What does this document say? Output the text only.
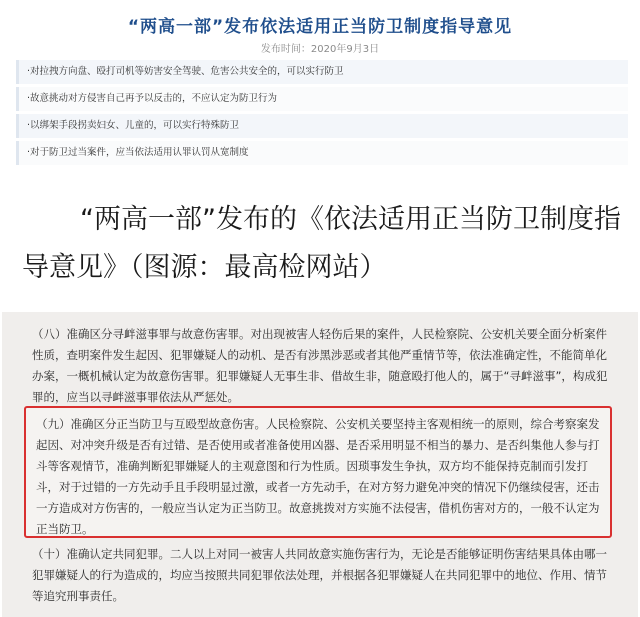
“两高一部”发布依法适用正当防卫制度指导意见
发布时间：2020年9月3日
·对拉拽方向盘、殴打司机等妨害安全驾驶、危害公共安全的，可以实行防卫
·故意挑动对方侵害自己再予以反击的，不应认定为防卫行为
·以绑架手段拐卖妇女、儿童的，可以实行特殊防卫
·对于防卫过当案件，应当依法适用认罪认罚从宽制度
“两高一部”发布的《依法适用正当防卫制度指导意见》（图源：最高检网站）
（八）准确区分寻衅滋事罪与故意伤害罪。对出现被害人轻伤后果的案件，人民检察院、公安机关要全面分析案件性质，查明案件发生起因、犯罪嫌疑人的动机、是否有涉黑涉恶或者其他严重情节等，依法准确定性，不能简单化办案，一概机械认定为故意伤害罪。犯罪嫌疑人无事生非、借故生非，随意殴打他人的，属于“寻衅滋事”，构成犯罪的，应当以寻衅滋事罪依法从严惩处。
（九）准确区分正当防卫与互殴型故意伤害。人民检察院、公安机关要坚持主客观相统一的原则，综合考察案发起因、对冲突升级是否有过错、是否使用或者准备使用凶器、是否采用明显不相当的暴力、是否纠集他人参与打斗等客观情节，准确判断犯罪嫌疑人的主观意图和行为性质。因琐事发生争执，双方均不能保持克制而引发打斗，对于过错的一方先动手且手段明显过激，或者一方先动手，在对方努力避免冲突的情况下仍继续侵害，还击一方造成对方伤害的，一般应当认定为正当防卫。故意挑拨对方实施不法侵害，借机伤害对方的，一般不认定为正当防卫。
（十）准确认定共同犯罪。二人以上对同一被害人共同故意实施伤害行为，无论是否能够证明伤害结果具体由哪一犯罪嫌疑人的行为造成的，均应当按照共同犯罪依法处理，并根据各犯罪嫌疑人在共同犯罪中的地位、作用、情节等追究刑事责任。
